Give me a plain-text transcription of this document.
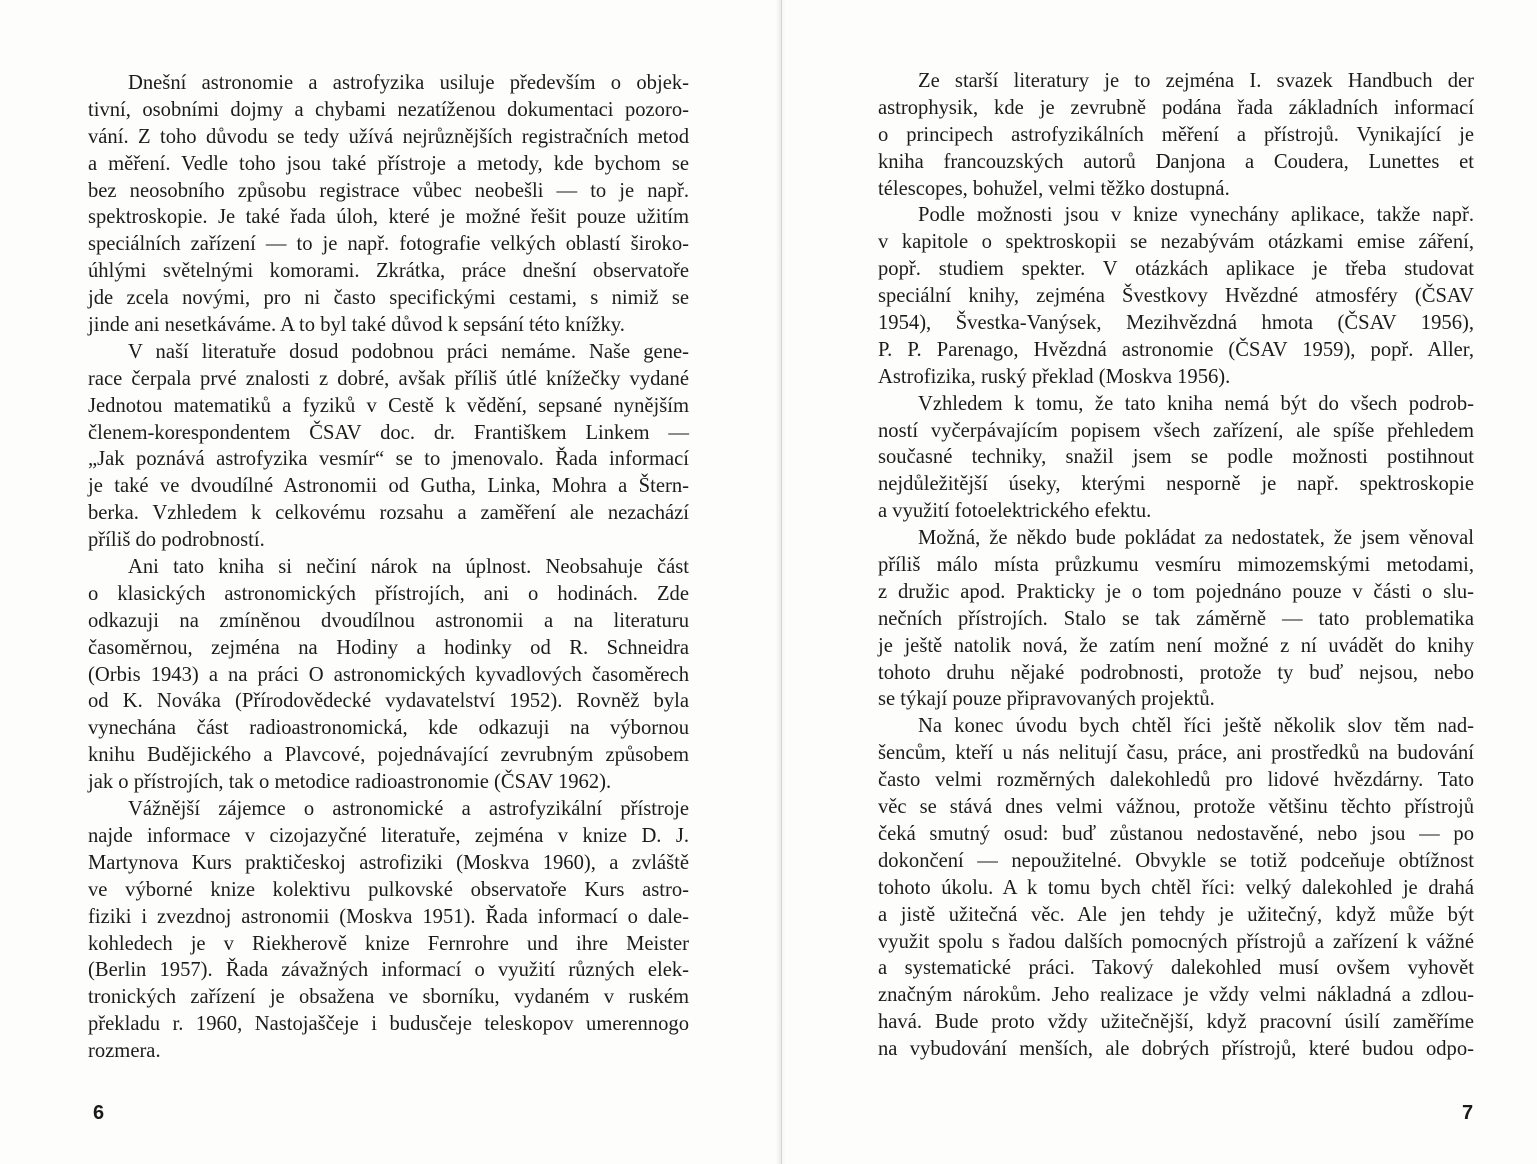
Dnešní astronomie a astrofyzika usiluje především o objek-
tivní, osobními dojmy a chybami nezatíženou dokumentaci pozoro-
vání. Z toho důvodu se tedy užívá nejrůznějších registračních metod
a měření. Vedle toho jsou také přístroje a metody, kde bychom se
bez neosobního způsobu registrace vůbec neobešli — to je např.
spektroskopie. Je také řada úloh, které je možné řešit pouze užitím
speciálních zařízení — to je např. fotografie velkých oblastí široko-
úhlými světelnými komorami. Zkrátka, práce dnešní observatoře
jde zcela novými, pro ni často specifickými cestami, s nimiž se
jinde ani nesetkáváme. A to byl také důvod k sepsání této knížky.
V naší literatuře dosud podobnou práci nemáme. Naše gene-
race čerpala prvé znalosti z dobré, avšak příliš útlé knížečky vydané
Jednotou matematiků a fyziků v Cestě k vědění, sepsané nynějším
členem-korespondentem ČSAV doc. dr. Františkem Linkem —
„Jak poznává astrofyzika vesmír“ se to jmenovalo. Řada informací
je také ve dvoudílné Astronomii od Gutha, Linka, Mohra a Štern-
berka. Vzhledem k celkovému rozsahu a zaměření ale nezachází
příliš do podrobností.
Ani tato kniha si nečiní nárok na úplnost. Neobsahuje část
o klasických astronomických přístrojích, ani o hodinách. Zde
odkazuji na zmíněnou dvoudílnou astronomii a na literaturu
časoměrnou, zejména na Hodiny a hodinky od R. Schneidra
(Orbis 1943) a na práci O astronomických kyvadlových časoměrech
od K. Nováka (Přírodovědecké vydavatelství 1952). Rovněž byla
vynechána část radioastronomická, kde odkazuji na výbornou
knihu Budějického a Plavcové, pojednávající zevrubným způsobem
jak o přístrojích, tak o metodice radioastronomie (ČSAV 1962).
Vážnější zájemce o astronomické a astrofyzikální přístroje
najde informace v cizojazyčné literatuře, zejména v knize D. J.
Martynova Kurs praktičeskoj astrofiziki (Moskva 1960), a zvláště
ve výborné knize kolektivu pulkovské observatoře Kurs astro-
fiziki i zvezdnoj astronomii (Moskva 1951). Řada informací o dale-
kohledech je v Riekherově knize Fernrohre und ihre Meister
(Berlin 1957). Řada závažných informací o využití různých elek-
tronických zařízení je obsažena ve sborníku, vydaném v ruském
překladu r. 1960, Nastojaščeje i budusčeje teleskopov umerennogo
rozmera.
6
Ze starší literatury je to zejména I. svazek Handbuch der
astrophysik, kde je zevrubně podána řada základních informací
o principech astrofyzikálních měření a přístrojů. Vynikající je
kniha francouzských autorů Danjona a Coudera, Lunettes et
télescopes, bohužel, velmi těžko dostupná.
Podle možnosti jsou v knize vynechány aplikace, takže např.
v kapitole o spektroskopii se nezabývám otázkami emise záření,
popř. studiem spekter. V otázkách aplikace je třeba studovat
speciální knihy, zejména Švestkovy Hvězdné atmosféry (ČSAV
1954), Švestka-Vanýsek, Mezihvězdná hmota (ČSAV 1956),
P. P. Parenago, Hvězdná astronomie (ČSAV 1959), popř. Aller,
Astrofizika, ruský překlad (Moskva 1956).
Vzhledem k tomu, že tato kniha nemá být do všech podrob-
ností vyčerpávajícím popisem všech zařízení, ale spíše přehledem
současné techniky, snažil jsem se podle možnosti postihnout
nejdůležitější úseky, kterými nesporně je např. spektroskopie
a využití fotoelektrického efektu.
Možná, že někdo bude pokládat za nedostatek, že jsem věnoval
příliš málo místa průzkumu vesmíru mimozemskými metodami,
z družic apod. Prakticky je o tom pojednáno pouze v části o slu-
nečních přístrojích. Stalo se tak záměrně — tato problematika
je ještě natolik nová, že zatím není možné z ní uvádět do knihy
tohoto druhu nějaké podrobnosti, protože ty buď nejsou, nebo
se týkají pouze připravovaných projektů.
Na konec úvodu bych chtěl říci ještě několik slov těm nad-
šencům, kteří u nás nelitují času, práce, ani prostředků na budování
často velmi rozměrných dalekohledů pro lidové hvězdárny. Tato
věc se stává dnes velmi vážnou, protože většinu těchto přístrojů
čeká smutný osud: buď zůstanou nedostavěné, nebo jsou — po
dokončení — nepoužitelné. Obvykle se totiž podceňuje obtížnost
tohoto úkolu. A k tomu bych chtěl říci: velký dalekohled je drahá
a jistě užitečná věc. Ale jen tehdy je užitečný, když může být
využit spolu s řadou dalších pomocných přístrojů a zařízení k vážné
a systematické práci. Takový dalekohled musí ovšem vyhovět
značným nárokům. Jeho realizace je vždy velmi nákladná a zdlou-
havá. Bude proto vždy užitečnější, když pracovní úsilí zaměříme
na vybudování menších, ale dobrých přístrojů, které budou odpo-
7
